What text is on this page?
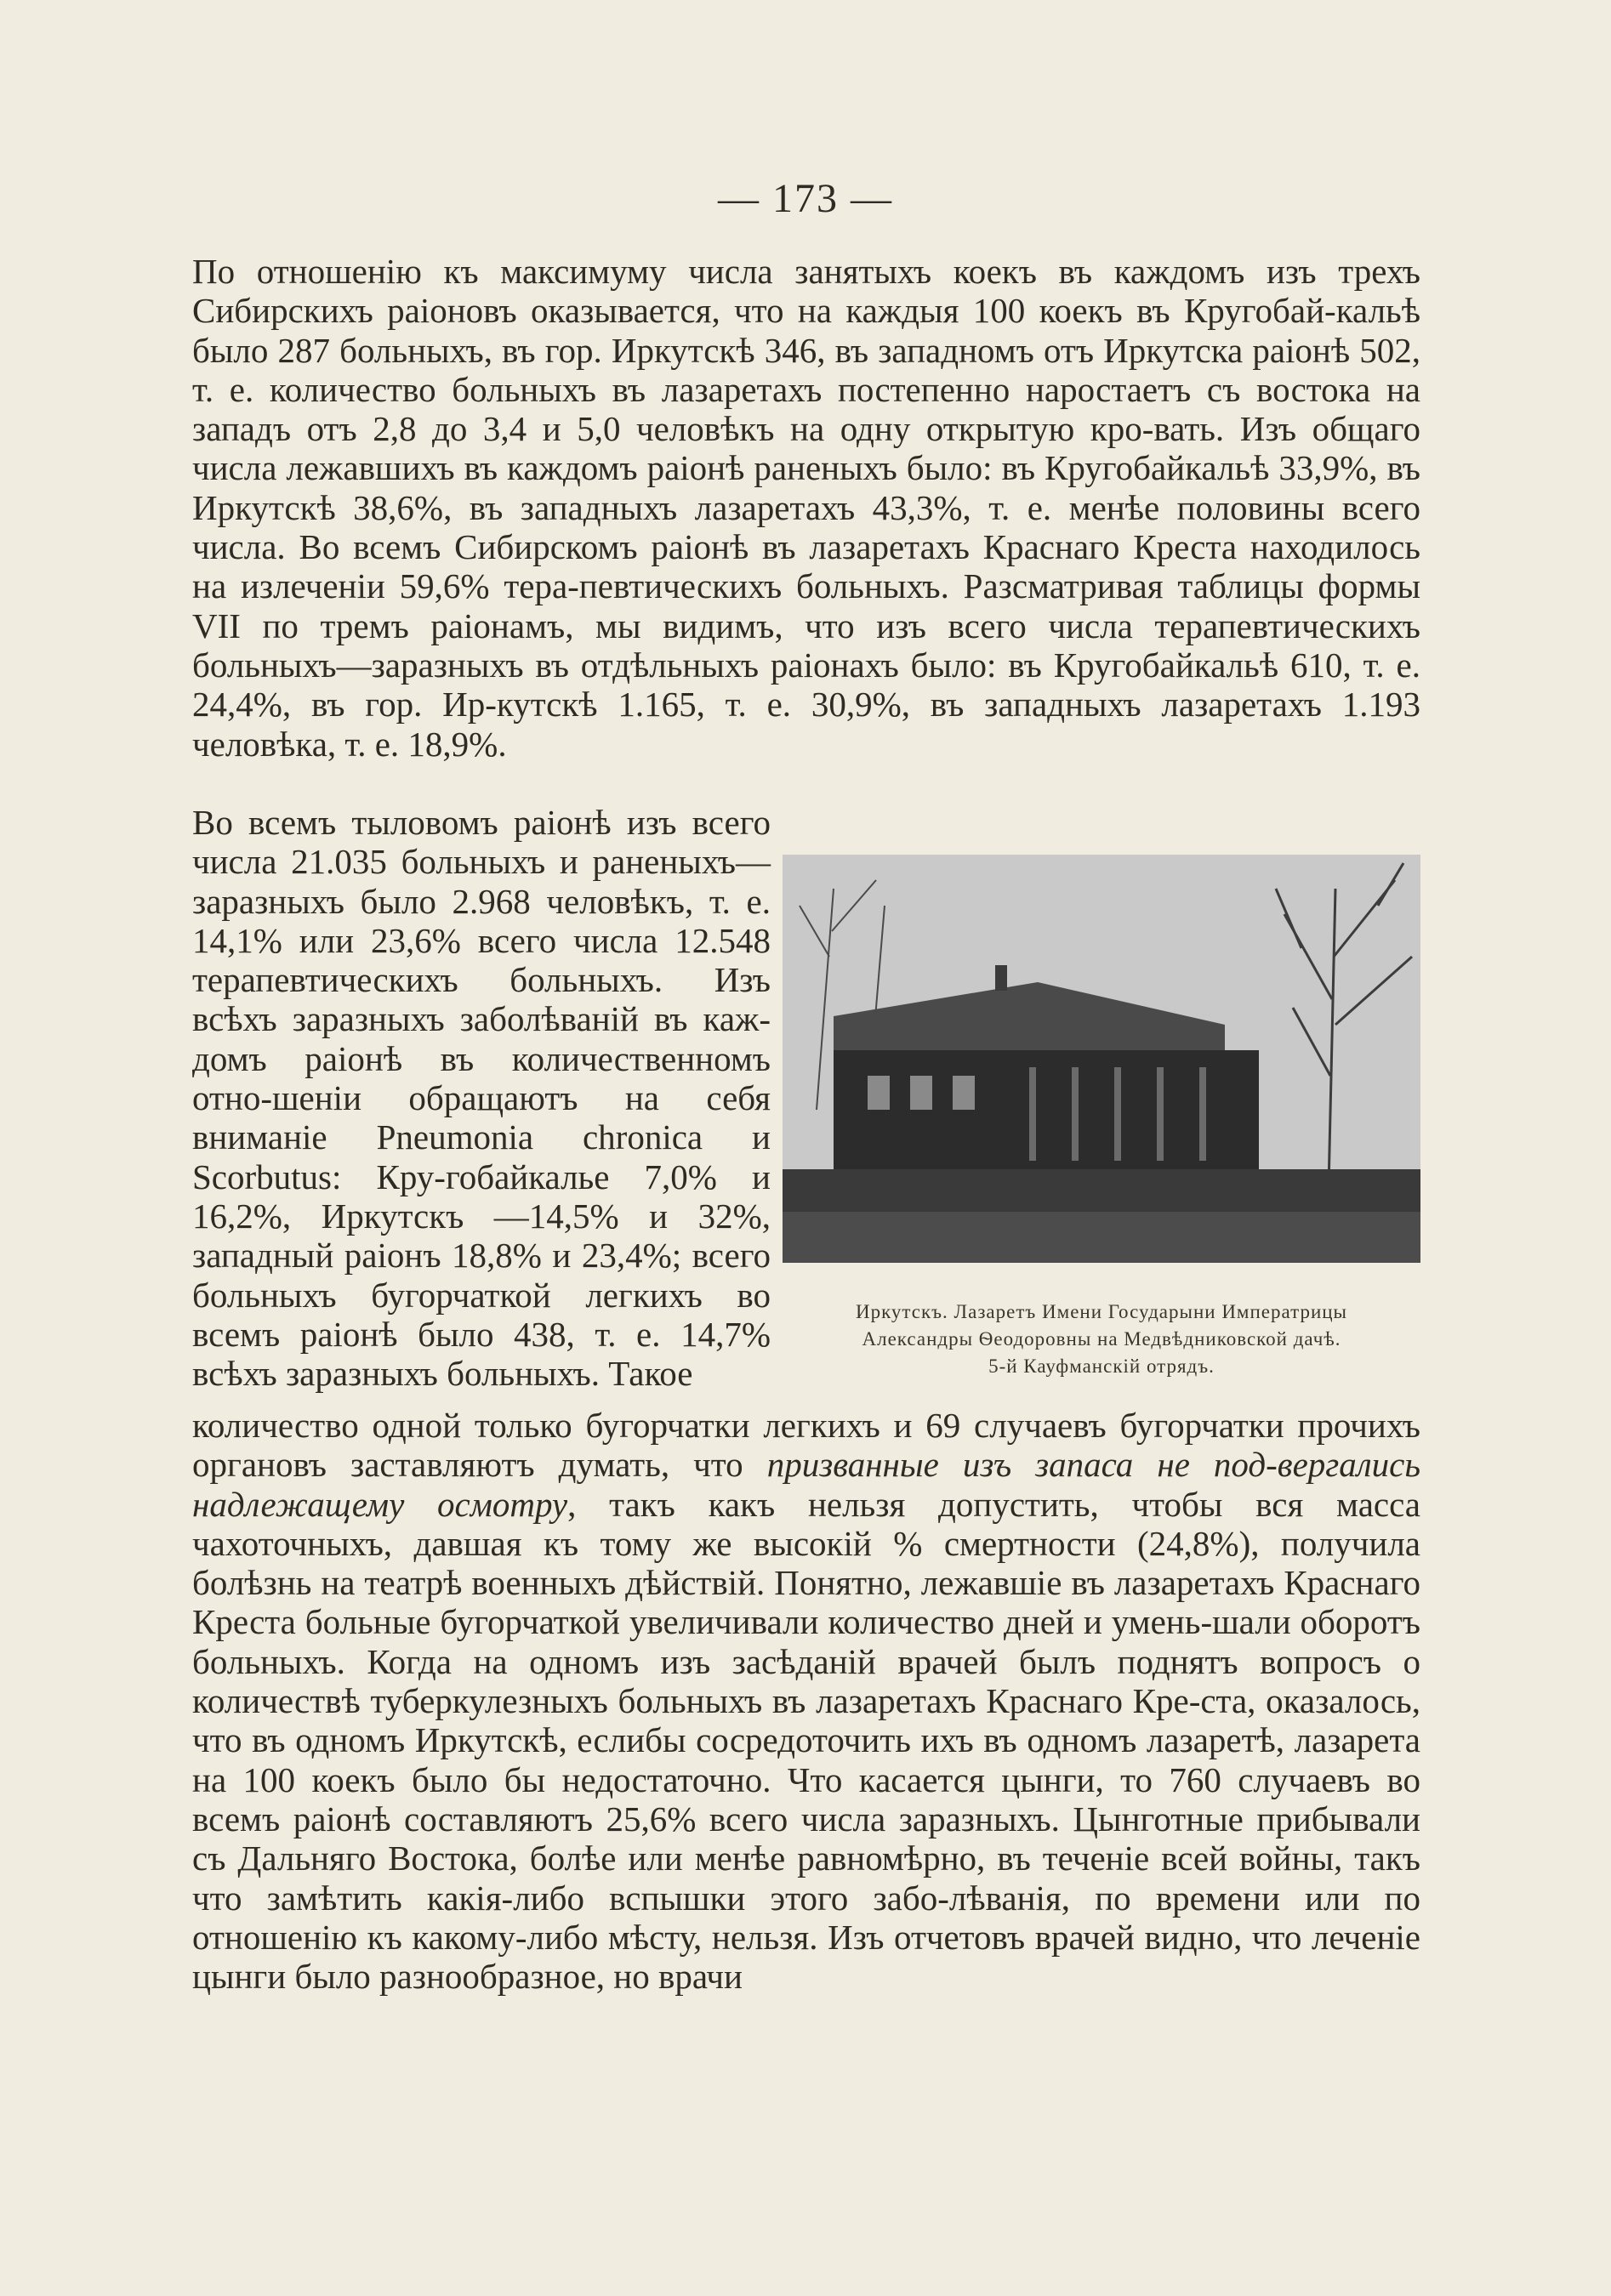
— 173 —

По отношенію къ максимуму числа занятыхъ коекъ въ каждомъ изъ трехъ Сибирскихъ раіоновъ оказывается, что на каждыя 100 коекъ въ Кругобай-кальѣ было 287 больныхъ, въ гор. Иркутскѣ 346, въ западномъ отъ Иркутска раіонѣ 502, т. е. количество больныхъ въ лазаретахъ постепенно наростаетъ съ востока на западъ отъ 2,8 до 3,4 и 5,0 человѣкъ на одну открытую кро-вать. Изъ общаго числа лежавшихъ въ каждомъ раіонѣ раненыхъ было: въ Кругобайкальѣ 33,9%, въ Иркутскѣ 38,6%, въ западныхъ лазаретахъ 43,3%, т. е. менѣе половины всего числа. Во всемъ Сибирскомъ раіонѣ въ лазаретахъ Краснаго Креста находилось на излеченіи 59,6% тера-певтическихъ больныхъ. Разсматривая таблицы формы VII по тремъ раіонамъ, мы видимъ, что изъ всего числа терапевтическихъ больныхъ—заразныхъ въ отдѣльныхъ раіонахъ было: въ Кругобайкальѣ 610, т. е. 24,4%, въ гор. Ир-кутскѣ 1.165, т. е. 30,9%, въ западныхъ лазаретахъ 1.193 человѣка, т. е. 18,9%.

Во всемъ тыловомъ раіонѣ изъ всего числа 21.035 больныхъ и раненыхъ— заразныхъ было 2.968 человѣкъ, т. е. 14,1% или 23,6% всего числа 12.548 терапевтическихъ больныхъ. Изъ всѣхъ заразныхъ заболѣваній въ каж-домъ раіонѣ въ количественномъ отно-шеніи обращаютъ на себя вниманіе Pneumonia chronica и Scorbutus: Кру-гобайкалье 7,0% и 16,2%, Иркутскъ —14,5% и 32%, западный раіонъ 18,8% и 23,4%; всего больныхъ бугорчаткой легкихъ во всемъ раіонѣ было 438, т. е. 14,7% всѣхъ заразныхъ больныхъ. Такое

Иркутскъ. Лазаретъ Имени Государыни Императрицы
Александры Ѳеодоровны на Медвѣдниковской дачѣ.
5-й Кауфманскій отрядъ.

количество одной только бугорчатки легкихъ и 69 случаевъ бугорчатки прочихъ органовъ заставляютъ думать, что призванные изъ запаса не под-вергались надлежащему осмотру, такъ какъ нельзя допустить, чтобы вся масса чахоточныхъ, давшая къ тому же высокій % смертности (24,8%), получила болѣзнь на театрѣ военныхъ дѣйствій. Понятно, лежавшіе въ лазаретахъ Краснаго Креста больные бугорчаткой увеличивали количество дней и умень-шали оборотъ больныхъ. Когда на одномъ изъ засѣданій врачей былъ поднятъ вопросъ о количествѣ туберкулезныхъ больныхъ въ лазаретахъ Краснаго Кре-ста, оказалось, что въ одномъ Иркутскѣ, еслибы сосредоточить ихъ въ одномъ лазаретѣ, лазарета на 100 коекъ было бы недостаточно. Что касается цынги, то 760 случаевъ во всемъ раіонѣ составляютъ 25,6% всего числа заразныхъ. Цынготные прибывали съ Дальняго Востока, болѣе или менѣе равномѣрно, въ теченіе всей войны, такъ что замѣтить какія-либо вспышки этого забо-лѣванія, по времени или по отношенію къ какому-либо мѣсту, нельзя. Изъ отчетовъ врачей видно, что леченіе цынги было разнообразное, но врачи
